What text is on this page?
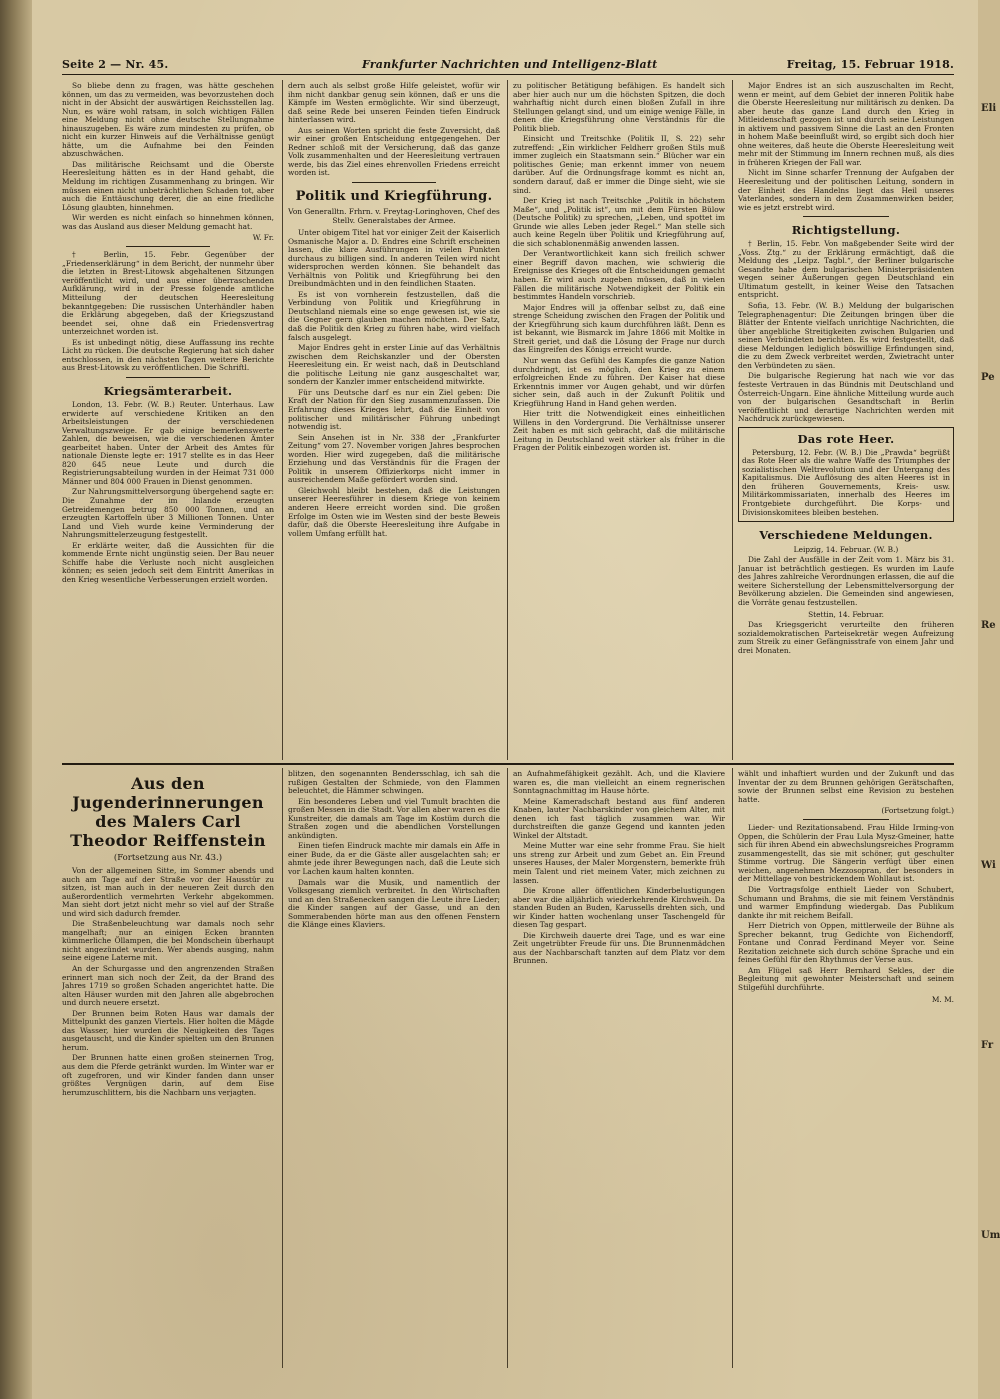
Eli
Pe
Re
Wi
Fr
Um
Seite 2 — Nr. 45.	Frankfurter Nachrichten und Intelligenz-Blatt	Freitag, 15. Februar 1918.

So bliebe denn zu fragen, was hätte geschehen können, um das zu vermeiden, was bevorzustehen doch nicht in der Absicht der auswärtigen Reichsstellen lag. Nun, es wäre wohl ratsam, in solch wichtigen Fällen eine Meldung nicht ohne deutsche Stellungnahme hinauszugeben. Es wäre zum mindesten zu prüfen, ob nicht ein kurzer Hinweis auf die Verhältnisse genügt hätte, um die Aufnahme bei den Feinden abzuschwächen.

Das militärische Reichsamt und die Oberste Heeresleitung hätten es in der Hand gehabt, die Meldung im richtigen Zusammenhang zu bringen. Wir müssen einen nicht unbeträchtlichen Schaden tot, aber auch die Enttäuschung derer, die an eine friedliche Lösung glaubten, hinnehmen.

Wir werden es nicht einfach so hinnehmen können, was das Ausland aus dieser Meldung gemacht hat.

W. Fr.

† Berlin, 15. Febr. Gegenüber der „Friedenserklärung“ in dem Bericht, der nunmehr über die letzten in Brest-Litowsk abgehaltenen Sitzungen veröffentlicht wird, und aus einer überraschenden Aufklärung, wird in der Presse folgende amtliche Mitteilung der deutschen Heeresleitung bekanntgegeben: Die russischen Unterhändler haben die Erklärung abgegeben, daß der Kriegszustand beendet sei, ohne daß ein Friedensvertrag unterzeichnet worden ist.

Es ist unbedingt nötig, diese Auffassung ins rechte Licht zu rücken. Die deutsche Regierung hat sich daher entschlossen, in den nächsten Tagen weitere Berichte aus Brest-Litowsk zu veröffentlichen. Die Schriftl.

Kriegsämterarbeit.

London, 13. Febr. (W. B.) Reuter. Unterhaus. Law erwiderte auf verschiedene Kritiken an den Arbeitsleistungen der verschiedenen Verwaltungszweige. Er gab einige bemerkenswerte Zahlen, die beweisen, wie die verschiedenen Ämter gearbeitet haben. Unter der Arbeit des Amtes für nationale Dienste legte er: 1917 stellte es in das Heer 820 645 neue Leute und durch die Registrierungsabteilung wurden in der Heimat 731 000 Männer und 804 000 Frauen in Dienst genommen.

Zur Nahrungsmittelversorgung übergehend sagte er: Die Zunahme der im Inlande erzeugten Getreidemengen betrug 850 000 Tonnen, und an erzeugten Kartoffeln über 3 Millionen Tonnen. Unter Land und Vieh wurde keine Verminderung der Nahrungsmittelerzeugung festgestellt.

Er erklärte weiter, daß die Aussichten für die kommende Ernte nicht ungünstig seien. Der Bau neuer Schiffe habe die Verluste noch nicht ausgleichen können; es seien jedoch seit dem Eintritt Amerikas in den Krieg wesentliche Verbesserungen erzielt worden.

dern auch als selbst große Hilfe geleistet, wofür wir ihm nicht dankbar genug sein können, daß er uns die Kämpfe im Westen ermöglichte. Wir sind überzeugt, daß seine Rede bei unseren Feinden tiefen Eindruck hinterlassen wird.

Aus seinen Worten spricht die feste Zuversicht, daß wir einer großen Entscheidung entgegengehen. Der Redner schloß mit der Versicherung, daß das ganze Volk zusammenhalten und der Heeresleitung vertrauen werde, bis das Ziel eines ehrenvollen Friedens erreicht worden ist.

Politik und Kriegführung.
Von Generalltn. Frhrn. v. Freytag-Loringhoven, Chef des Stellv. Generalstabes der Armee.

Unter obigem Titel hat vor einiger Zeit der Kaiserlich Osmanische Major a. D. Endres eine Schrift erscheinen lassen, die klare Ausführungen in vielen Punkten durchaus zu billigen sind. In anderen Teilen wird nicht widersprochen werden können. Sie behandelt das Verhältnis von Politik und Kriegführung bei den Dreibundmächten und in den feindlichen Staaten.

Es ist von vornherein festzustellen, daß die Verbindung von Politik und Kriegführung in Deutschland niemals eine so enge gewesen ist, wie sie die Gegner gern glauben machen möchten. Der Satz, daß die Politik den Krieg zu führen habe, wird vielfach falsch ausgelegt.

Major Endres geht in erster Linie auf das Verhältnis zwischen dem Reichskanzler und der Obersten Heeresleitung ein. Er weist nach, daß in Deutschland die politische Leitung nie ganz ausgeschaltet war, sondern der Kanzler immer entscheidend mitwirkte.

Für uns Deutsche darf es nur ein Ziel geben: Die Kraft der Nation für den Sieg zusammenzufassen. Die Erfahrung dieses Krieges lehrt, daß die Einheit von politischer und militärischer Führung unbedingt notwendig ist.

Sein Ansehen ist in Nr. 338 der „Frankfurter Zeitung“ vom 27. November vorigen Jahres besprochen worden. Hier wird zugegeben, daß die militärische Erziehung und das Verständnis für die Fragen der Politik in unserem Offizierkorps nicht immer in ausreichendem Maße gefördert worden sind.

Gleichwohl bleibt bestehen, daß die Leistungen unserer Heeresführer in diesem Kriege von keinem anderen Heere erreicht worden sind. Die großen Erfolge im Osten wie im Westen sind der beste Beweis dafür, daß die Oberste Heeresleitung ihre Aufgabe in vollem Umfang erfüllt hat.

zu politischer Betätigung befähigen. Es handelt sich aber hier auch nur um die höchsten Spitzen, die doch wahrhaftig nicht durch einen bloßen Zufall in ihre Stellungen gelangt sind, und um einige wenige Fälle, in denen die Kriegsführung ohne Verständnis für die Politik blieb.

Einsicht und Treitschke (Politik II, S. 22) sehr zutreffend: „Ein wirklicher Feldherr großen Stils muß immer zugleich ein Staatsmann sein.“ Blücher war ein politisches Genie; man erkennt immer von neuem darüber. Auf die Ordnungsfrage kommt es nicht an, sondern darauf, daß er immer die Dinge sieht, wie sie sind.

Der Krieg ist nach Treitschke „Politik in höchstem Maße“, und „Politik ist“, um mit dem Fürsten Bülow (Deutsche Politik) zu sprechen, „Leben, und spottet im Grunde wie alles Leben jeder Regel.“ Man stelle sich auch keine Regeln über Politik und Kriegführung auf, die sich schablonenmäßig anwenden lassen.

Der Verantwortlichkeit kann sich freilich schwer einer Begriff davon machen, wie schwierig die Ereignisse des Krieges oft die Entscheidungen gemacht haben. Er wird auch zugeben müssen, daß in vielen Fällen die militärische Notwendigkeit der Politik ein bestimmtes Handeln vorschrieb.

Major Endres will ja offenbar selbst zu, daß eine strenge Scheidung zwischen den Fragen der Politik und der Kriegführung sich kaum durchführen läßt. Denn es ist bekannt, wie Bismarck im Jahre 1866 mit Moltke in Streit geriet, und daß die Lösung der Frage nur durch das Eingreifen des Königs erreicht wurde.

Nur wenn das Gefühl des Kampfes die ganze Nation durchdringt, ist es möglich, den Krieg zu einem erfolgreichen Ende zu führen. Der Kaiser hat diese Erkenntnis immer vor Augen gehabt, und wir dürfen sicher sein, daß auch in der Zukunft Politik und Kriegführung Hand in Hand gehen werden.

Hier tritt die Notwendigkeit eines einheitlichen Willens in den Vordergrund. Die Verhältnisse unserer Zeit haben es mit sich gebracht, daß die militärische Leitung in Deutschland weit stärker als früher in die Fragen der Politik einbezogen worden ist.

Major Endres ist an sich auszuschalten im Recht, wenn er meint, auf dem Gebiet der inneren Politik habe die Oberste Heeresleitung nur militärisch zu denken. Da aber heute das ganze Land durch den Krieg in Mitleidenschaft gezogen ist und durch seine Leistungen in aktivem und passivem Sinne die Last an den Fronten in hohem Maße beeinflußt wird, so ergibt sich doch hier ohne weiteres, daß heute die Oberste Heeresleitung weit mehr mit der Stimmung im Innern rechnen muß, als dies in früheren Kriegen der Fall war.

Nicht im Sinne scharfer Trennung der Aufgaben der Heeresleitung und der politischen Leitung, sondern in der Einheit des Handelns liegt das Heil unseres Vaterlandes, sondern in dem Zusammenwirken beider, wie es jetzt erstrebt wird.

Richtigstellung.

† Berlin, 15. Febr. Von maßgebender Seite wird der „Voss. Ztg.“ zu der Erklärung ermächtigt, daß die Meldung des „Leipz. Tagbl.“, der Berliner bulgarische Gesandte habe dem bulgarischen Ministerpräsidenten wegen seiner Äußerungen gegen Deutschland ein Ultimatum gestellt, in keiner Weise den Tatsachen entspricht.

Sofia, 13. Febr. (W. B.) Meldung der bulgarischen Telegraphenagentur: Die Zeitungen bringen über die Blätter der Entente vielfach unrichtige Nachrichten, die über angebliche Streitigkeiten zwischen Bulgarien und seinen Verbündeten berichten. Es wird festgestellt, daß diese Meldungen lediglich böswillige Erfindungen sind, die zu dem Zweck verbreitet werden, Zwietracht unter den Verbündeten zu säen.

Die bulgarische Regierung hat nach wie vor das festeste Vertrauen in das Bündnis mit Deutschland und Österreich-Ungarn. Eine ähnliche Mitteilung wurde auch von der bulgarischen Gesandtschaft in Berlin veröffentlicht und derartige Nachrichten werden mit Nachdruck zurückgewiesen.

Das rote Heer.

Petersburg, 12. Febr. (W. B.) Die „Prawda“ begrüßt das Rote Heer als die wahre Waffe des Triumphes der sozialistischen Weltrevolution und der Untergang des Kapitalismus. Die Auflösung des alten Heeres ist in den früheren Gouvernements, Kreis- usw. Militärkommissariaten, innerhalb des Heeres im Frontgebiete durchgeführt. Die Korps- und Divisionskomitees bleiben bestehen.

Verschiedene Meldungen.
Leipzig, 14. Februar. (W. B.)

Die Zahl der Ausfälle in der Zeit vom 1. März bis 31. Januar ist beträchtlich gestiegen. Es wurden im Laufe des Jahres zahlreiche Verordnungen erlassen, die auf die weitere Sicherstellung der Lebensmittelversorgung der Bevölkerung abzielen. Die Gemeinden sind angewiesen, die Vorräte genau festzustellen.

Stettin, 14. Februar.

Das Kriegsgericht verurteilte den früheren sozialdemokratischen Parteisekretär wegen Aufreizung zum Streik zu einer Gefängnisstrafe von einem Jahr und drei Monaten.

Aus den Jugenderinnerungen des Malers Carl Theodor Reiffenstein
(Fortsetzung aus Nr. 43.)

Von der allgemeinen Sitte, im Sommer abends und auch am Tage auf der Straße vor der Hausstür zu sitzen, ist man auch in der neueren Zeit durch den außerordentlich vermehrten Verkehr abgekommen. Man sieht dort jetzt nicht mehr so viel auf der Straße und wird sich dadurch fremder.

Die Straßenbeleuchtung war damals noch sehr mangelhaft; nur an einigen Ecken brannten kümmerliche Öllampen, die bei Mondschein überhaupt nicht angezündet wurden. Wer abends ausging, nahm seine eigene Laterne mit.

An der Schurgasse und den angrenzenden Straßen erinnert man sich noch der Zeit, da der Brand des Jahres 1719 so großen Schaden angerichtet hatte. Die alten Häuser wurden mit den Jahren alle abgebrochen und durch neuere ersetzt.

Der Brunnen beim Roten Haus war damals der Mittelpunkt des ganzen Viertels. Hier holten die Mägde das Wasser, hier wurden die Neuigkeiten des Tages ausgetauscht, und die Kinder spielten um den Brunnen herum.

Der Brunnen hatte einen großen steinernen Trog, aus dem die Pferde getränkt wurden. Im Winter war er oft zugefroren, und wir Kinder fanden dann unser größtes Vergnügen darin, auf dem Eise herumzuschlittern, bis die Nachbarn uns verjagten.

blitzen, den sogenannten Bendersschlag, ich sah die rußigen Gestalten der Schmiede, von den Flammen beleuchtet, die Hämmer schwingen.

Ein besonderes Leben und viel Tumult brachten die großen Messen in die Stadt. Vor allen aber waren es die Kunstreiter, die damals am Tage im Kostüm durch die Straßen zogen und die abendlichen Vorstellungen ankündigten.

Einen tiefen Eindruck machte mir damals ein Affe in einer Bude, da er die Gäste aller ausgelachten sah; er ahmte jede ihrer Bewegungen nach, daß die Leute sich vor Lachen kaum halten konnten.

Damals war die Musik, und namentlich der Volksgesang ziemlich verbreitet. In den Wirtschaften und an den Straßenecken sangen die Leute ihre Lieder; die Kinder sangen auf der Gasse, und an den Sommerabenden hörte man aus den offenen Fenstern die Klänge eines Klaviers.

an Aufnahmefähigkeit gezählt. Ach, und die Klaviere waren es, die man vielleicht an einem regnerischen Sonntagnachmittag im Hause hörte.

Meine Kameradschaft bestand aus fünf anderen Knaben, lauter Nachbarskinder von gleichem Alter, mit denen ich fast täglich zusammen war. Wir durchstreiften die ganze Gegend und kannten jeden Winkel der Altstadt.

Meine Mutter war eine sehr fromme Frau. Sie hielt uns streng zur Arbeit und zum Gebet an. Ein Freund unseres Hauses, der Maler Morgenstern, bemerkte früh mein Talent und riet meinem Vater, mich zeichnen zu lassen.

Die Krone aller öffentlichen Kinderbelustigungen aber war die alljährlich wiederkehrende Kirchweih. Da standen Buden an Buden, Karussells drehten sich, und wir Kinder hatten wochenlang unser Taschengeld für diesen Tag gespart.

Die Kirchweih dauerte drei Tage, und es war eine Zeit ungetrübter Freude für uns. Die Brunnenmädchen aus der Nachbarschaft tanzten auf dem Platz vor dem Brunnen.

wählt und inhaftiert wurden und der Zukunft und das Inventar der zu dem Brunnen gehörigen Gerätschaften, sowie der Brunnen selbst eine Revision zu bestehen hatte.

(Fortsetzung folgt.)

Lieder- und Rezitationsabend. Frau Hilde Irming-von Oppen, die Schülerin der Frau Lula Mysz-Gmeiner, hatte sich für ihren Abend ein abwechslungsreiches Programm zusammengestellt, das sie mit schöner, gut geschulter Stimme vortrug. Die Sängerin verfügt über einen weichen, angenehmen Mezzosopran, der besonders in der Mittellage von bestrickendem Wohllaut ist.

Die Vortragsfolge enthielt Lieder von Schubert, Schumann und Brahms, die sie mit feinem Verständnis und warmer Empfindung wiedergab. Das Publikum dankte ihr mit reichem Beifall.

Herr Dietrich von Oppen, mittlerweile der Bühne als Sprecher bekannt, trug Gedichte von Eichendorff, Fontane und Conrad Ferdinand Meyer vor. Seine Rezitation zeichnete sich durch schöne Sprache und ein feines Gefühl für den Rhythmus der Verse aus.

Am Flügel saß Herr Bernhard Sekles, der die Begleitung mit gewohnter Meisterschaft und seinem Stilgefühl durchführte.

M. M.
